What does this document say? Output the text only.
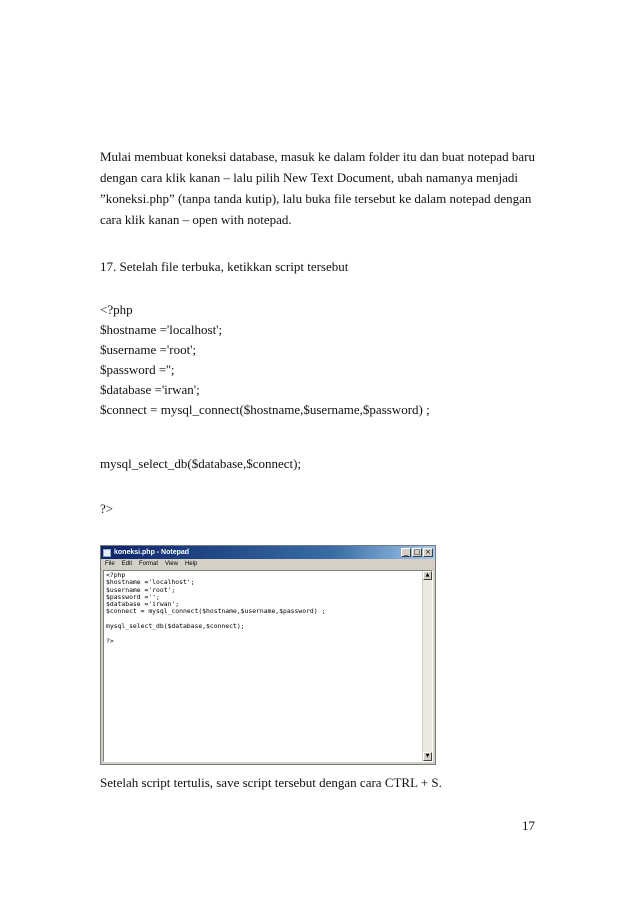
Mulai membuat koneksi database, masuk ke dalam folder itu dan buat notepad baru
dengan cara klik kanan – lalu pilih New Text Document, ubah namanya menjadi
”koneksi.php” (tanpa tanda kutip), lalu buka file tersebut ke dalam notepad dengan
cara klik kanan – open with notepad.
17. Setelah file terbuka, ketikkan script tersebut
<?php
$hostname ='localhost';
$username ='root';
$password ='';
$database ='irwan';
$connect = mysql_connect($hostname,$username,$password) ;
mysql_select_db($database,$connect);
?>
koneksi.php - Notepad	_ □ ×
File Edit Format View Help
<?php
$hostname ='localhost';
$username ='root';
$password ='';
$database ='irwan';
$connect = mysql_connect($hostname,$username,$password) ;

mysql_select_db($database,$connect);

?>
▲
▼
Setelah script tertulis, save script tersebut dengan cara CTRL + S.
17
